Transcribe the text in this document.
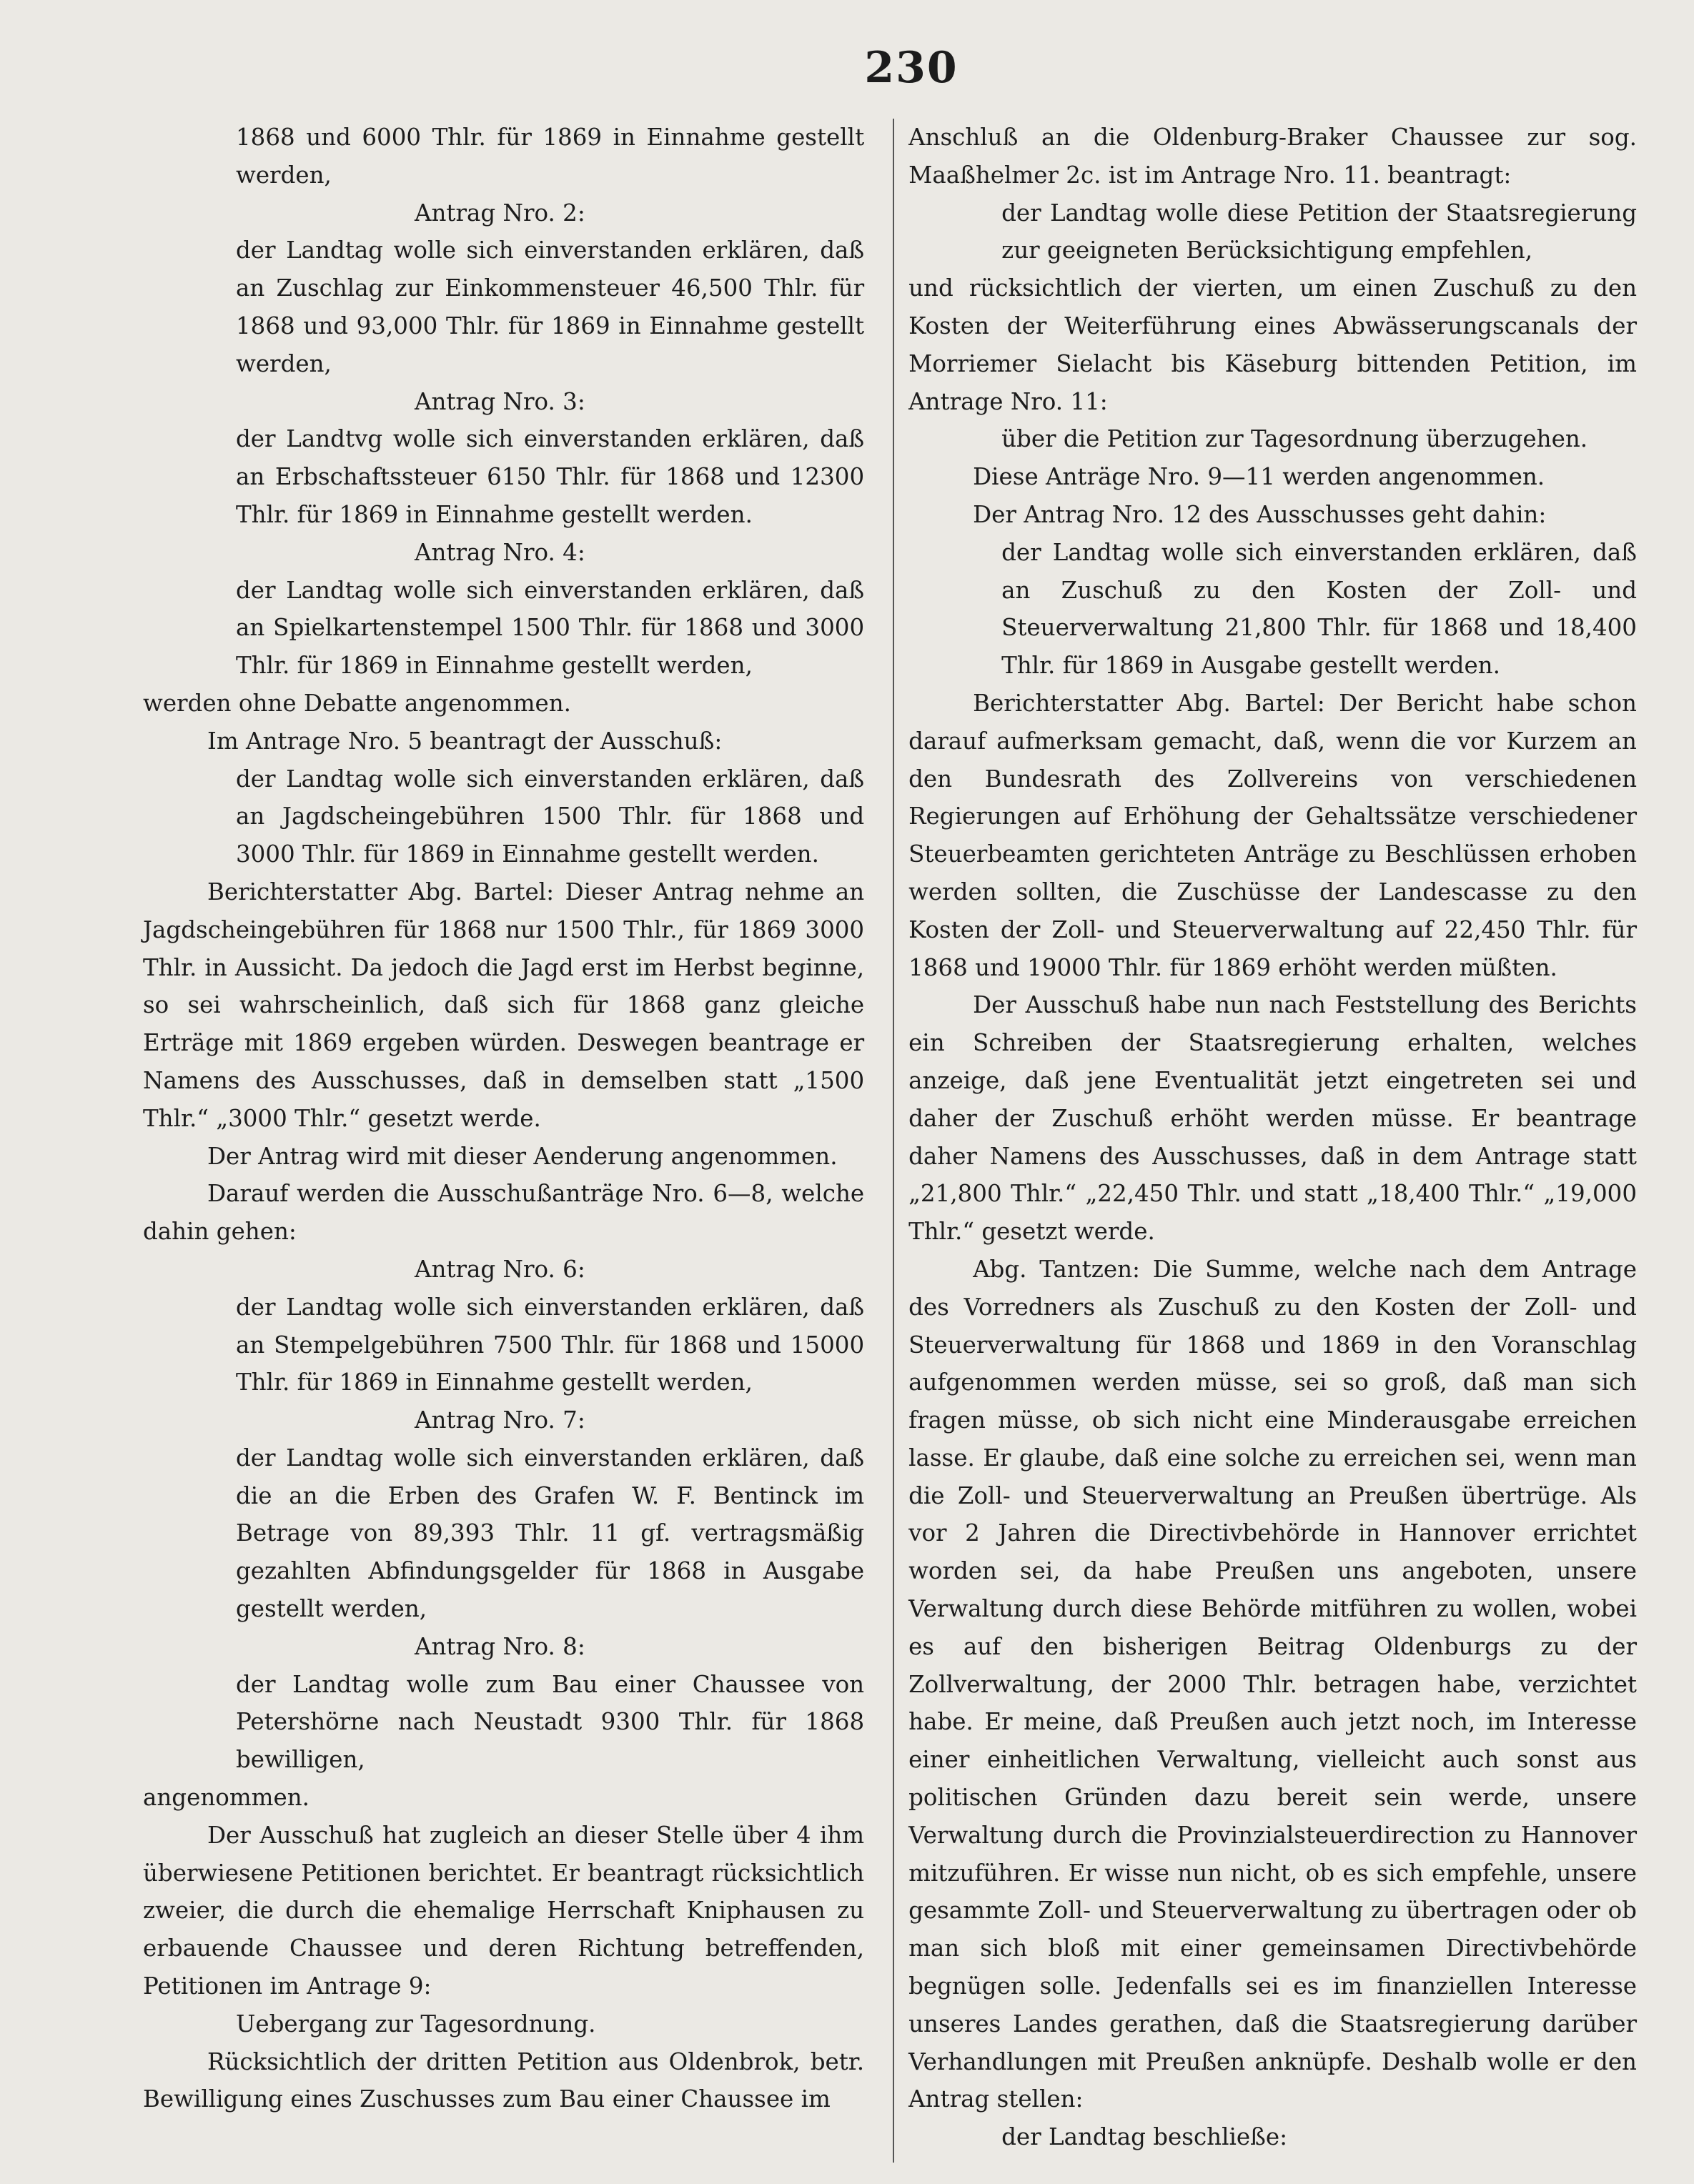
230

1868 und 6000 Thlr. für 1869 in Einnahme gestellt werden,

Antrag Nro. 2:

der Landtag wolle sich einverstanden erklären, daß an Zuschlag zur Einkommensteuer 46,500 Thlr. für 1868 und 93,000 Thlr. für 1869 in Einnahme gestellt werden,

Antrag Nro. 3:

der Landtvg wolle sich einverstanden erklären, daß an Erbschaftssteuer 6150 Thlr. für 1868 und 12300 Thlr. für 1869 in Einnahme gestellt werden.

Antrag Nro. 4:

der Landtag wolle sich einverstanden erklären, daß an Spielkartenstempel 1500 Thlr. für 1868 und 3000 Thlr. für 1869 in Einnahme gestellt werden,

werden ohne Debatte angenommen.

Im Antrage Nro. 5 beantragt der Ausschuß:

der Landtag wolle sich einverstanden erklären, daß an Jagdscheingebühren 1500 Thlr. für 1868 und 3000 Thlr. für 1869 in Einnahme gestellt werden.

Berichterstatter Abg. Bartel: Dieser Antrag nehme an Jagdscheingebühren für 1868 nur 1500 Thlr., für 1869 3000 Thlr. in Aussicht. Da jedoch die Jagd erst im Herbst beginne, so sei wahrscheinlich, daß sich für 1868 ganz gleiche Erträge mit 1869 ergeben würden. Deswegen beantrage er Namens des Ausschusses, daß in demselben statt „1500 Thlr.“ „3000 Thlr.“ gesetzt werde.

Der Antrag wird mit dieser Aenderung angenommen.

Darauf werden die Ausschußanträge Nro. 6—8, welche dahin gehen:

Antrag Nro. 6:

der Landtag wolle sich einverstanden erklären, daß an Stempelgebühren 7500 Thlr. für 1868 und 15000 Thlr. für 1869 in Einnahme gestellt werden,

Antrag Nro. 7:

der Landtag wolle sich einverstanden erklären, daß die an die Erben des Grafen W. F. Bentinck im Betrage von 89,393 Thlr. 11 gf. vertragsmäßig gezahlten Abfindungsgelder für 1868 in Ausgabe gestellt werden,

Antrag Nro. 8:

der Landtag wolle zum Bau einer Chaussee von Petershörne nach Neustadt 9300 Thlr. für 1868 bewilligen,

angenommen.

Der Ausschuß hat zugleich an dieser Stelle über 4 ihm überwiesene Petitionen berichtet. Er beantragt rücksichtlich zweier, die durch die ehemalige Herrschaft Kniphausen zu erbauende Chaussee und deren Richtung betreffenden, Petitionen im Antrage 9:

Uebergang zur Tagesordnung.

Rücksichtlich der dritten Petition aus Oldenbrok, betr. Bewilligung eines Zuschusses zum Bau einer Chaussee im

Anschluß an die Oldenburg-Braker Chaussee zur sog. Maaßhelmer 2c. ist im Antrage Nro. 11. beantragt:

der Landtag wolle diese Petition der Staatsregierung zur geeigneten Berücksichtigung empfehlen,

und rücksichtlich der vierten, um einen Zuschuß zu den Kosten der Weiterführung eines Abwässerungscanals der Morriemer Sielacht bis Käseburg bittenden Petition, im Antrage Nro. 11:

über die Petition zur Tagesordnung überzugehen.

Diese Anträge Nro. 9—11 werden angenommen.

Der Antrag Nro. 12 des Ausschusses geht dahin:

der Landtag wolle sich einverstanden erklären, daß an Zuschuß zu den Kosten der Zoll- und Steuerverwaltung 21,800 Thlr. für 1868 und 18,400 Thlr. für 1869 in Ausgabe gestellt werden.

Berichterstatter Abg. Bartel: Der Bericht habe schon darauf aufmerksam gemacht, daß, wenn die vor Kurzem an den Bundesrath des Zollvereins von verschiedenen Regierungen auf Erhöhung der Gehaltssätze verschiedener Steuerbeamten gerichteten Anträge zu Beschlüssen erhoben werden sollten, die Zuschüsse der Landescasse zu den Kosten der Zoll- und Steuerverwaltung auf 22,450 Thlr. für 1868 und 19000 Thlr. für 1869 erhöht werden müßten.

Der Ausschuß habe nun nach Feststellung des Berichts ein Schreiben der Staatsregierung erhalten, welches anzeige, daß jene Eventualität jetzt eingetreten sei und daher der Zuschuß erhöht werden müsse. Er beantrage daher Namens des Ausschusses, daß in dem Antrage statt „21,800 Thlr.“ „22,450 Thlr. und statt „18,400 Thlr.“ „19,000 Thlr.“ gesetzt werde.

Abg. Tantzen: Die Summe, welche nach dem Antrage des Vorredners als Zuschuß zu den Kosten der Zoll- und Steuerverwaltung für 1868 und 1869 in den Voranschlag aufgenommen werden müsse, sei so groß, daß man sich fragen müsse, ob sich nicht eine Minderausgabe erreichen lasse. Er glaube, daß eine solche zu erreichen sei, wenn man die Zoll- und Steuerverwaltung an Preußen übertrüge. Als vor 2 Jahren die Directivbehörde in Hannover errichtet worden sei, da habe Preußen uns angeboten, unsere Verwaltung durch diese Behörde mitführen zu wollen, wobei es auf den bisherigen Beitrag Oldenburgs zu der Zollverwaltung, der 2000 Thlr. betragen habe, verzichtet habe. Er meine, daß Preußen auch jetzt noch, im Interesse einer einheitlichen Verwaltung, vielleicht auch sonst aus politischen Gründen dazu bereit sein werde, unsere Verwaltung durch die Provinzialsteuerdirection zu Hannover mitzuführen. Er wisse nun nicht, ob es sich empfehle, unsere gesammte Zoll- und Steuerverwaltung zu übertragen oder ob man sich bloß mit einer gemeinsamen Directivbehörde begnügen solle. Jedenfalls sei es im finanziellen Interesse unseres Landes gerathen, daß die Staatsregierung darüber Verhandlungen mit Preußen anknüpfe. Deshalb wolle er den Antrag stellen:

der Landtag beschließe:
